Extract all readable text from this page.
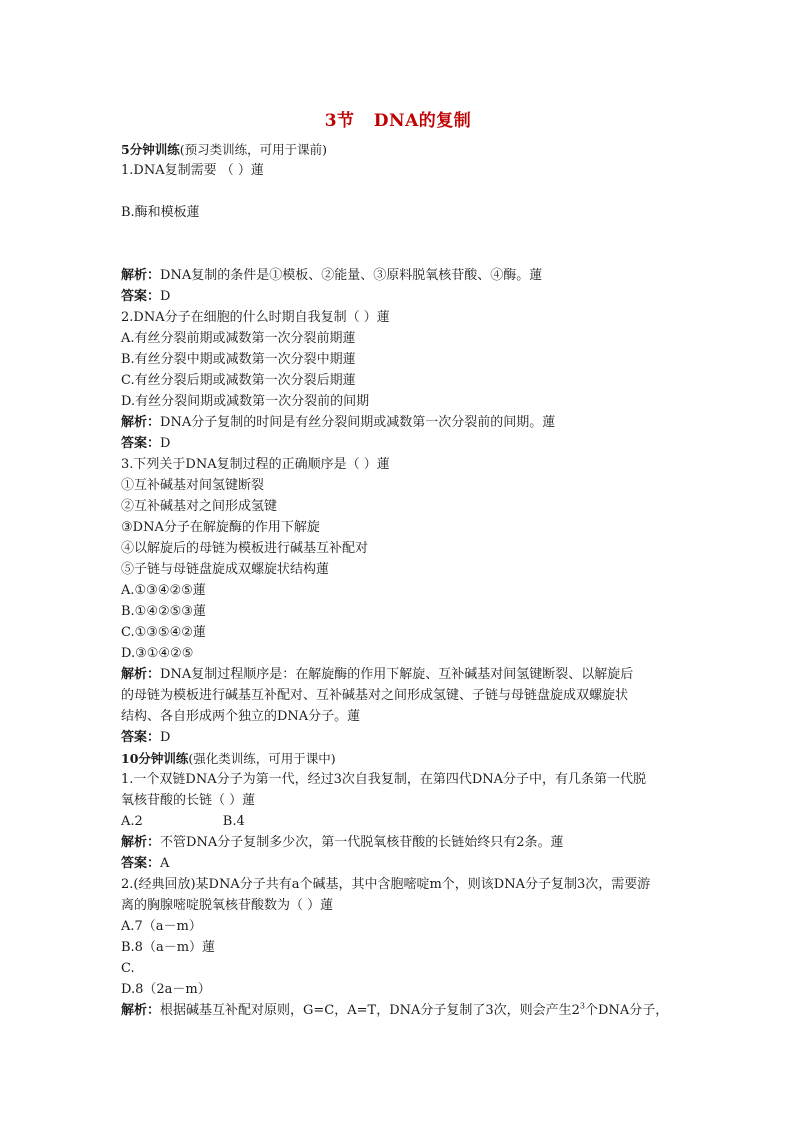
3节   DNA的复制
5分钟训练(预习类训练，可用于课前)
1.DNA复制需要 （ ）蓮
B.酶和模板蓮
解析：DNA复制的条件是①模板、②能量、③原料脱氧核苷酸、④酶。蓮
答案：D
2.DNA分子在细胞的什么时期自我复制（ ）蓮
A.有丝分裂前期或减数第一次分裂前期蓮
B.有丝分裂中期或减数第一次分裂中期蓮
C.有丝分裂后期或减数第一次分裂后期蓮
D.有丝分裂间期或减数第一次分裂前的间期
解析：DNA分子复制的时间是有丝分裂间期或减数第一次分裂前的间期。蓮
答案：D
3.下列关于DNA复制过程的正确顺序是（ ）蓮
①互补碱基对间氢键断裂
②互补碱基对之间形成氢键
③DNA分子在解旋酶的作用下解旋
④以解旋后的母链为模板进行碱基互补配对
⑤子链与母链盘旋成双螺旋状结构蓮
A.①③④②⑤蓮
B.①④②⑤③蓮
C.①③⑤④②蓮
D.③①④②⑤
解析：DNA复制过程顺序是：在解旋酶的作用下解旋、互补碱基对间氢键断裂、以解旋后
的母链为模板进行碱基互补配对、互补碱基对之间形成氢键、子链与母链盘旋成双螺旋状
结构、各自形成两个独立的DNA分子。蓮
答案：D
10分钟训练(强化类训练，可用于课中)
1.一个双链DNA分子为第一代，经过3次自我复制，在第四代DNA分子中，有几条第一代脱
氧核苷酸的长链（ ）蓮
A.2	B.4
解析：不管DNA分子复制多少次，第一代脱氧核苷酸的长链始终只有2条。蓮
答案：A
2.(经典回放)某DNA分子共有a个碱基，其中含胞嘧啶m个，则该DNA分子复制3次，需要游
离的胸腺嘧啶脱氧核苷酸数为（ ）蓮
A.7（a－m）
B.8（a－m）蓮
C.
D.8（2a－m）
解析：根据碱基互补配对原则，G=C，A=T，DNA分子复制了3次，则会产生$2^3$个DNA分子，
